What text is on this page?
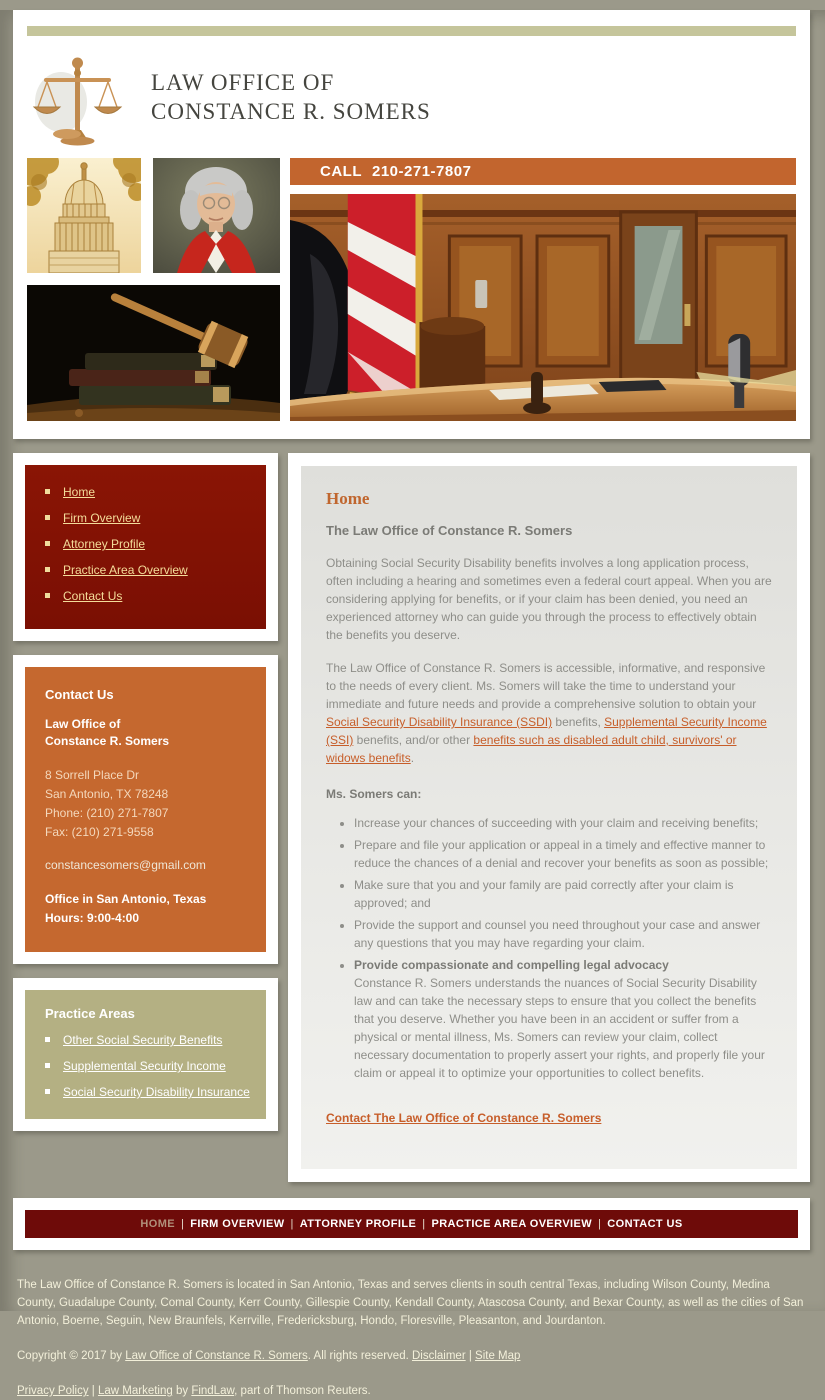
LAW OFFICE OF
CONSTANCE R. SOMERS
CALL 210-271-7807
Home
Firm Overview
Attorney Profile
Practice Area Overview
Contact Us
Contact Us
Law Office of
Constance R. Somers
8 Sorrell Place Dr
San Antonio, TX 78248
Phone: (210) 271-7807
Fax: (210) 271-9558
constancesomers@gmail.com
Office in San Antonio, Texas
Hours: 9:00-4:00
Practice Areas
Other Social Security Benefits
Supplemental Security Income
Social Security Disability Insurance
Home
The Law Office of Constance R. Somers

Obtaining Social Security Disability benefits involves a long application process, often including a hearing and sometimes even a federal court appeal. When you are considering applying for benefits, or if your claim has been denied, you need an experienced attorney who can guide you through the process to effectively obtain the benefits you deserve.

The Law Office of Constance R. Somers is accessible, informative, and responsive to the needs of every client. Ms. Somers will take the time to understand your immediate and future needs and provide a comprehensive solution to obtain your Social Security Disability Insurance (SSDI) benefits, Supplemental Security Income (SSI) benefits, and/or other benefits such as disabled adult child, survivors' or widows benefits.

Ms. Somers can:
• Increase your chances of succeeding with your claim and receiving benefits;
• Prepare and file your application or appeal in a timely and effective manner to reduce the chances of a denial and recover your benefits as soon as possible;
• Make sure that you and your family are paid correctly after your claim is approved; and
• Provide the support and counsel you need throughout your case and answer any questions that you may have regarding your claim.
• Provide compassionate and compelling legal advocacy
Constance R. Somers understands the nuances of Social Security Disability law and can take the necessary steps to ensure that you collect the benefits that you deserve. Whether you have been in an accident or suffer from a physical or mental illness, Ms. Somers can review your claim, collect necessary documentation to properly assert your rights, and properly file your claim or appeal it to optimize your opportunities to collect benefits.
Contact The Law Office of Constance R. Somers
HOME | FIRM OVERVIEW | ATTORNEY PROFILE | PRACTICE AREA OVERVIEW | CONTACT US
The Law Office of Constance R. Somers is located in San Antonio, Texas and serves clients in south central Texas, including Wilson County, Medina County, Guadalupe County, Comal County, Kerr County, Gillespie County, Kendall County, Atascosa County, and Bexar County, as well as the cities of San Antonio, Boerne, Seguin, New Braunfels, Kerrville, Fredericksburg, Hondo, Floresville, Pleasanton, and Jourdanton.
Copyright © 2017 by Law Office of Constance R. Somers. All rights reserved. Disclaimer | Site Map
Privacy Policy | Law Marketing by FindLaw, part of Thomson Reuters.
